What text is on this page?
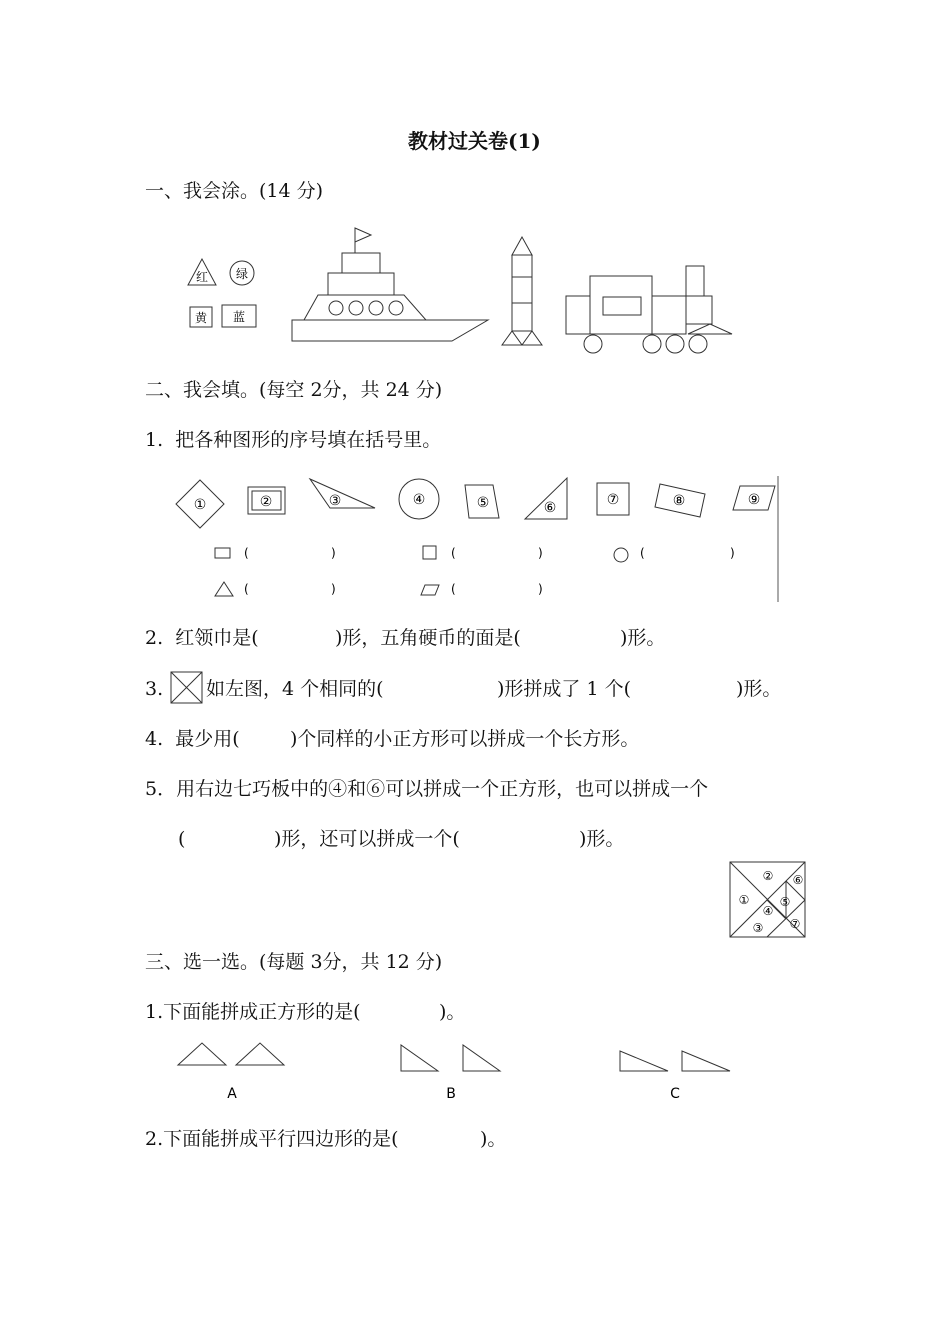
教材过关卷(1)
一、我会涂。(14 分)
红 绿
黄 蓝
二、我会填。(每空 2分，共 24 分)
1.  把各种图形的序号填在括号里。
①	②	③	④	⑤	⑥	⑦	⑧	⑨
(	)	(	)	(	)
(	)	(	)
2.  红领巾是(	)形，五角硬币的面是(	)形。
3. 如左图，4 个相同的(	)形拼成了 1 个(	)形。
4.  最少用(	)个同样的小正方形可以拼成一个长方形。
5．用右边七巧板中的④和⑥可以拼成一个正方形，也可以拼成一个
(	)形，还可以拼成一个(	)形。
①
②
③
④
⑤
⑥
⑦
三、选一选。(每题 3分，共 12 分)
1.下面能拼成正方形的是(	)。
A	B	C
2.下面能拼成平行四边形的是(	)。
